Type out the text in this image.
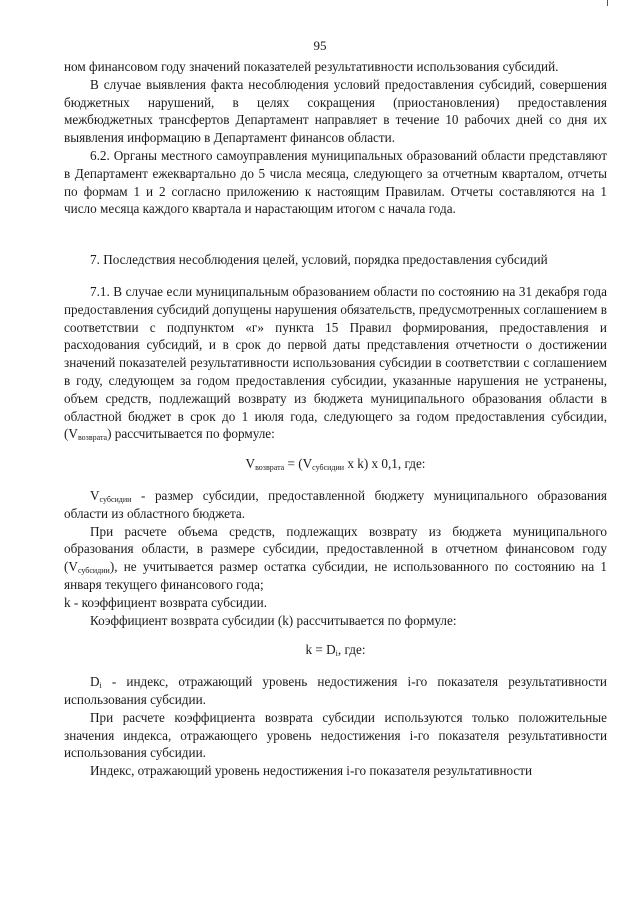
95

ном финансовом году значений показателей результативности использования субсидий.

В случае выявления факта несоблюдения условий предоставления субсидий, совершения бюджетных нарушений, в целях сокращения (приостановления) предоставления межбюджетных трансфертов Департамент направляет в течение 10 рабочих дней со дня их выявления информацию в Департамент финансов области.

6.2. Органы местного самоуправления муниципальных образований области представляют в Департамент ежеквартально до 5 числа месяца, следующего за отчетным кварталом, отчеты по формам 1 и 2 согласно приложению к настоящим Правилам. Отчеты составляются на 1 число месяца каждого квартала и нарастающим итогом с начала года.

7. Последствия несоблюдения целей, условий, порядка предоставления субсидий

7.1. В случае если муниципальным образованием области по состоянию на 31 декабря года предоставления субсидий допущены нарушения обязательств, предусмотренных соглашением в соответствии с подпунктом «г» пункта 15 Правил формирования, предоставления и расходования субсидий, и в срок до первой даты представления отчетности о достижении значений показателей результативности использования субсидии в соответствии с соглашением в году, следующем за годом предоставления субсидии, указанные нарушения не устранены, объем средств, подлежащий возврату из бюджета муниципального образования области в областной бюджет в срок до 1 июля года, следующего за годом предоставления субсидии, $(V_{возврата})$ рассчитывается по формуле:

$V_{возврата} = (V_{субсидии}$ x k) x 0,1, где:

$V_{субсидии}$ - размер субсидии, предоставленной бюджету муниципального образования области из областного бюджета.

При расчете объема средств, подлежащих возврату из бюджета муниципального образования области, в размере субсидии, предоставленной в отчетном финансовом году $(V_{субсидии})$, не учитывается размер остатка субсидии, не использованного по состоянию на 1 января текущего финансового года;

k - коэффициент возврата субсидии.

Коэффициент возврата субсидии (k) рассчитывается по формуле:

$k = D_i$, где:

$D_i$ - индекс, отражающий уровень недостижения i-го показателя результативности использования субсидии.

При расчете коэффициента возврата субсидии используются только положительные значения индекса, отражающего уровень недостижения i-го показателя результативности использования субсидии.

Индекс, отражающий уровень недостижения i-го показателя результативности
